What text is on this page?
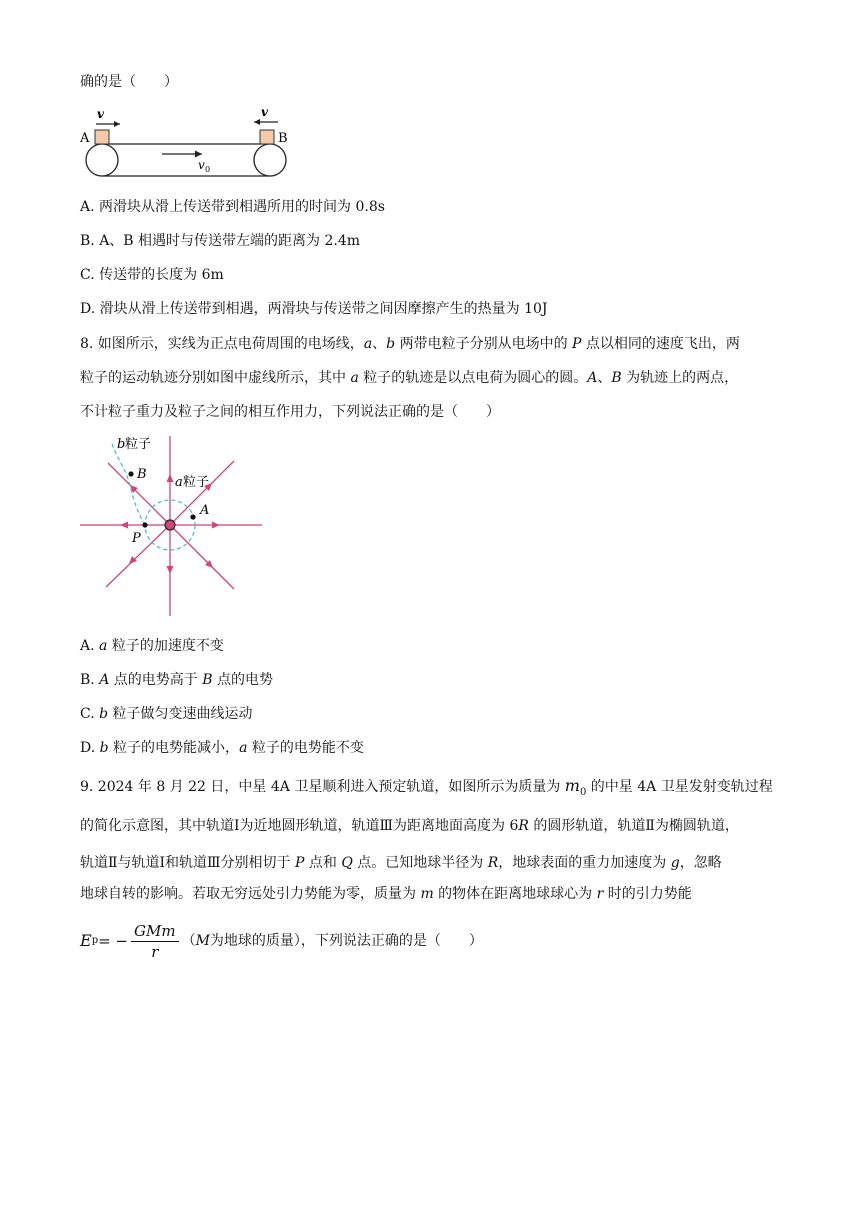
确的是（　　）
A	B
v	v
v 0
A. 两滑块从滑上传送带到相遇所用的时间为 0.8s
B. A、B 相遇时与传送带左端的距离为 2.4m
C. 传送带的长度为 6m
D. 滑块从滑上传送带到相遇，两滑块与传送带之间因摩擦产生的热量为 10J
8. 如图所示，实线为正点电荷周围的电场线，a、b 两带电粒子分别从电场中的 P 点以相同的速度飞出，两
粒子的运动轨迹分别如图中虚线所示，其中 a 粒子的轨迹是以点电荷为圆心的圆。A、B 为轨迹上的两点，
不计粒子重力及粒子之间的相互作用力，下列说法正确的是（　　）
b 粒子
a 粒子
B
A
P
A. a 粒子的加速度不变
B. A 点的电势高于 B 点的电势
C. b 粒子做匀变速曲线运动
D. b 粒子的电势能减小，a 粒子的电势能不变
9. 2024 年 8 月 22 日，中星 4A 卫星顺利进入预定轨道，如图所示为质量为 $m_0$ 的中星 4A 卫星发射变轨过程
的简化示意图，其中轨道Ⅰ为近地圆形轨道，轨道Ⅲ为距离地面高度为 6R 的圆形轨道，轨道Ⅱ为椭圆轨道，
轨道Ⅱ与轨道Ⅰ和轨道Ⅲ分别相切于 P 点和 Q 点。已知地球半径为 R，地球表面的重力加速度为 g，忽略
地球自转的影响。若取无穷远处引力势能为零，质量为 m 的物体在距离地球球心为 r 时的引力势能
E p = − $\frac{\text{GMm}}{r}$ （ M 为地球的质量），下列说法正确的是（　　）
